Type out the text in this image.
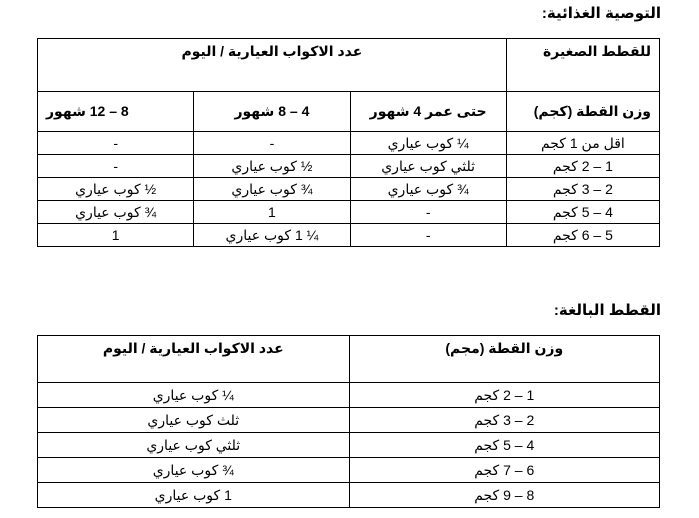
التوصية الغذائية:
للقطط الصغيرة	عدد الاكواب العيارية / اليوم		
وزن القطة (كجم)	حتى عمر 4 شهور	4 – 8 شهور	8 – 12 شهور
اقل من 1 كجم	¼ كوب عياري	-	-
1 – 2 كجم	ثلثي كوب عياري	½ كوب عياري	-
2 – 3 كجم	¾ كوب عياري	¾ كوب عياري	½ كوب عياري
4 – 5 كجم	-	1	¾ كوب عياري
5 – 6 كجم	-	¼ 1 كوب عياري	1
القطط البالغة:
وزن القطة (مجم)	عدد الاكواب العيارية / اليوم
1 – 2 كجم	¼ كوب عياري
2 – 3 كجم	ثلث كوب عياري
4 – 5 كجم	ثلثي كوب عياري
6 – 7 كجم	¾ كوب عياري
8 – 9 كجم	1 كوب عياري
